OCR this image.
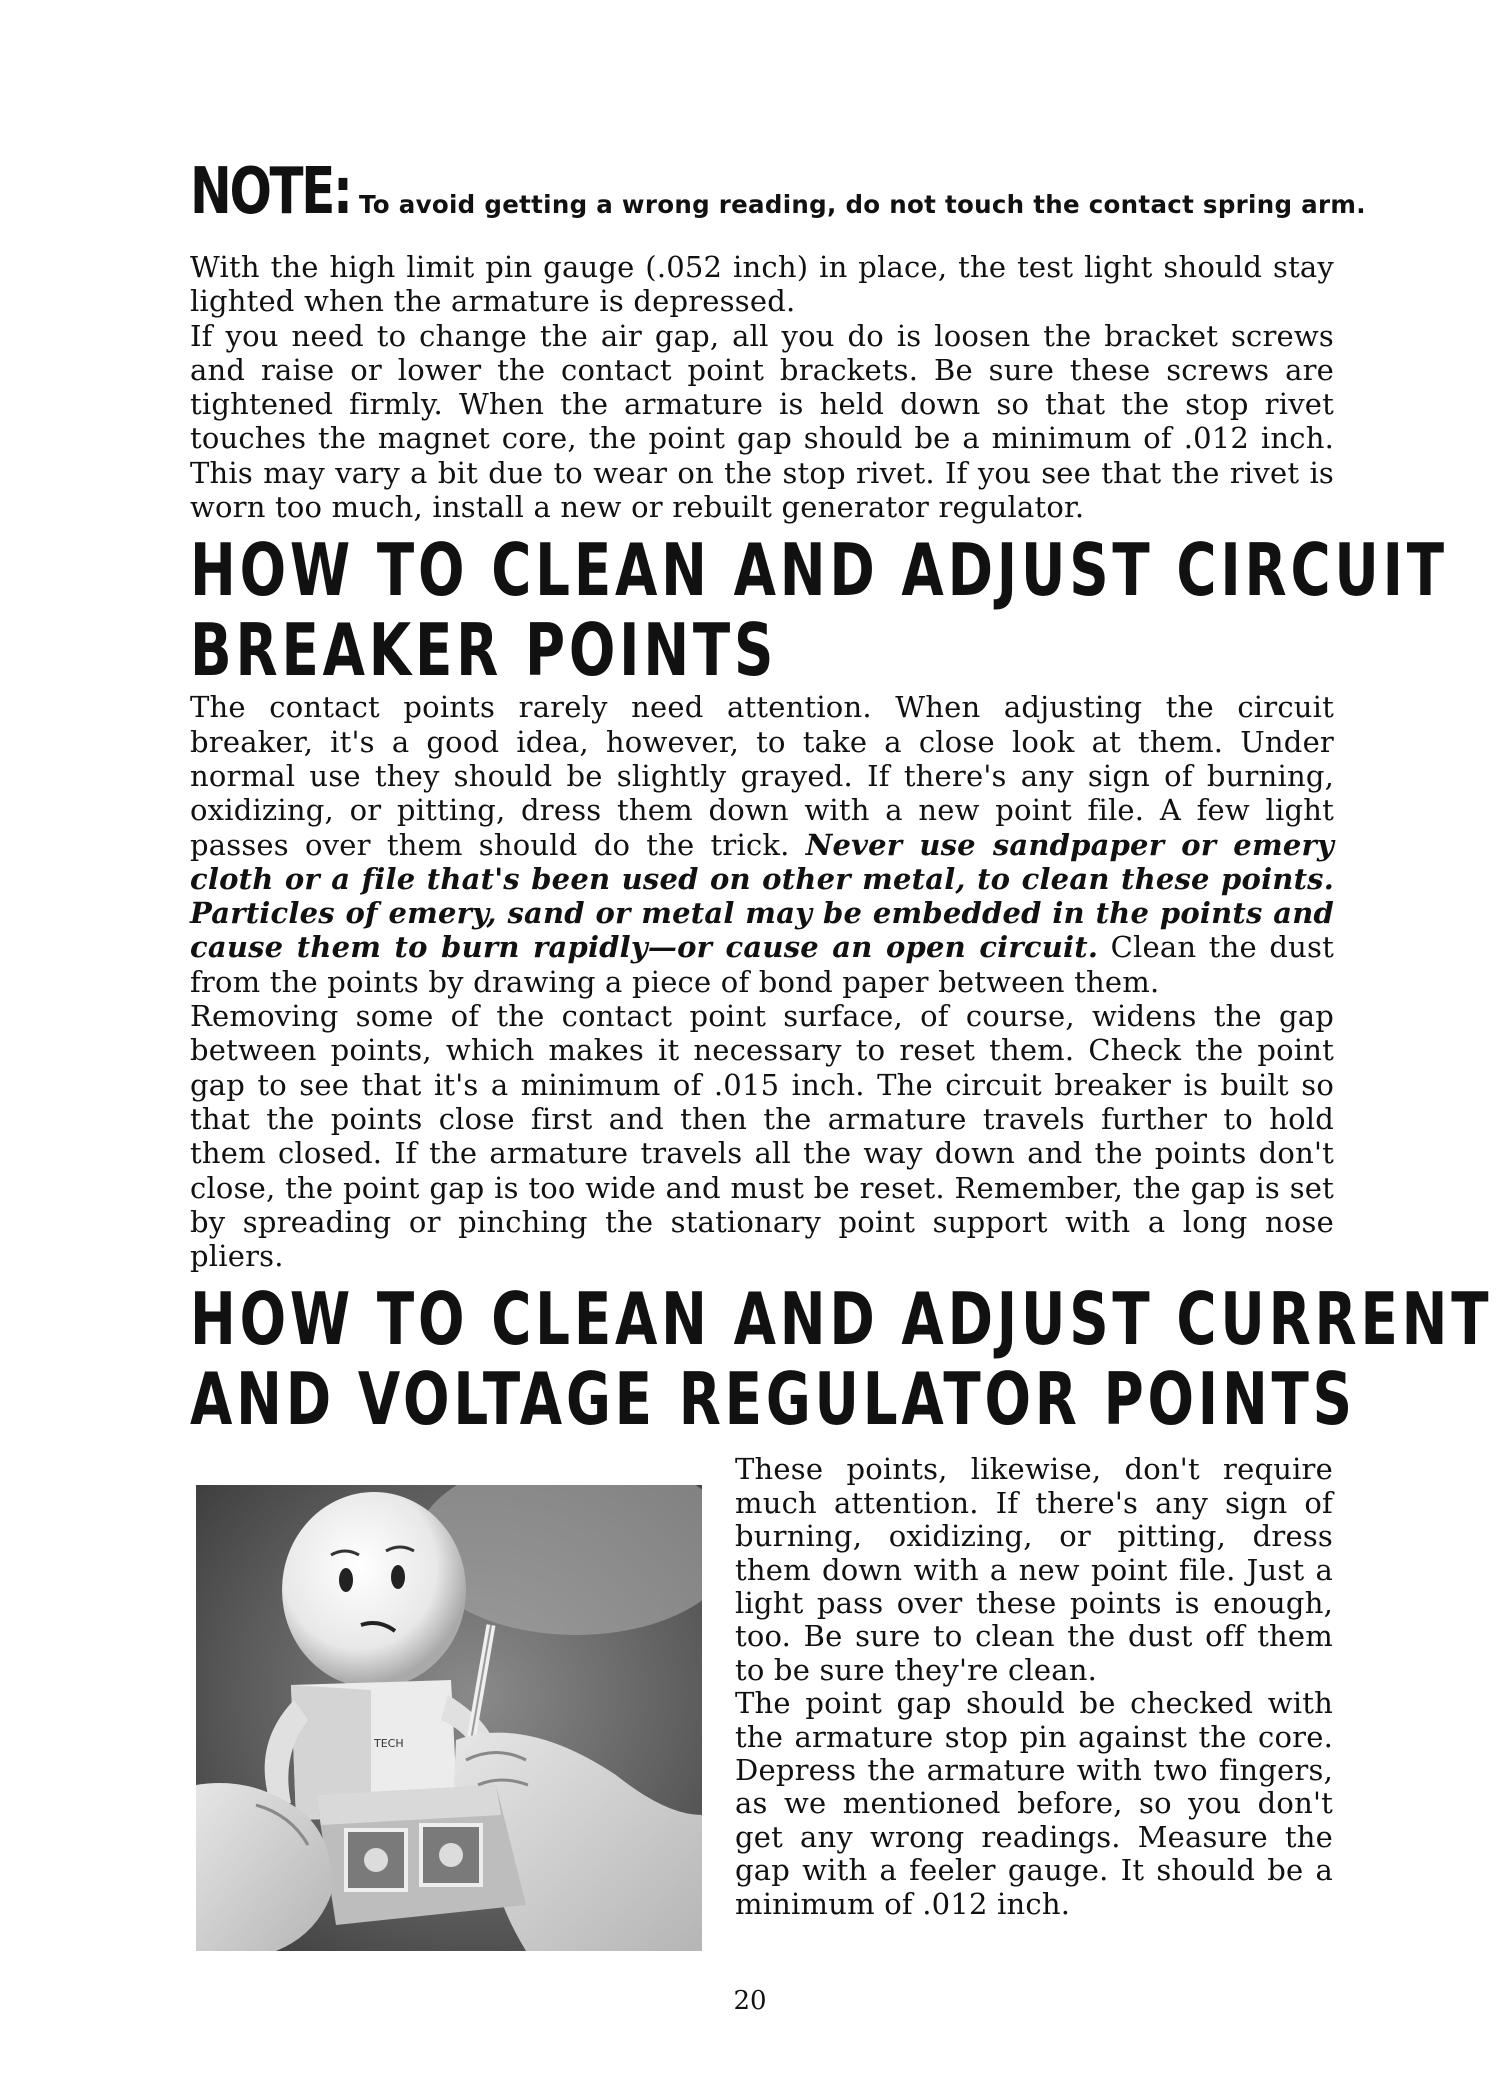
NOTE: To avoid getting a wrong reading, do not touch the contact spring arm.

With the high limit pin gauge (.052 inch) in place, the test light should stay lighted when the armature is depressed.

If you need to change the air gap, all you do is loosen the bracket screws and raise or lower the contact point brackets. Be sure these screws are tightened firmly. When the armature is held down so that the stop rivet touches the magnet core, the point gap should be a minimum of .012 inch. This may vary a bit due to wear on the stop rivet. If you see that the rivet is worn too much, install a new or rebuilt generator regulator.

HOW TO CLEAN AND ADJUST CIRCUIT
BREAKER POINTS

The contact points rarely need attention. When adjusting the circuit breaker, it's a good idea, however, to take a close look at them. Under normal use they should be slightly grayed. If there's any sign of burning, oxidizing, or pitting, dress them down with a new point file. A few light passes over them should do the trick. Never use sandpaper or emery cloth or a file that's been used on other metal, to clean these points. Particles of emery, sand or metal may be embedded in the points and cause them to burn rapidly—or cause an open circuit. Clean the dust from the points by drawing a piece of bond paper between them.

Removing some of the contact point surface, of course, widens the gap between points, which makes it necessary to reset them. Check the point gap to see that it's a minimum of .015 inch. The circuit breaker is built so that the points close first and then the armature travels further to hold them closed. If the armature travels all the way down and the points don't close, the point gap is too wide and must be reset. Remember, the gap is set by spreading or pinching the stationary point support with a long nose pliers.

HOW TO CLEAN AND ADJUST CURRENT
AND VOLTAGE REGULATOR POINTS
TECH

These points, likewise, don't require much attention. If there's any sign of burning, oxidizing, or pitting, dress them down with a new point file. Just a light pass over these points is enough, too. Be sure to clean the dust off them to be sure they're clean.

The point gap should be checked with the armature stop pin against the core. Depress the armature with two fingers, as we mentioned before, so you don't get any wrong readings. Measure the gap with a feeler gauge. It should be a minimum of .012 inch.

20
